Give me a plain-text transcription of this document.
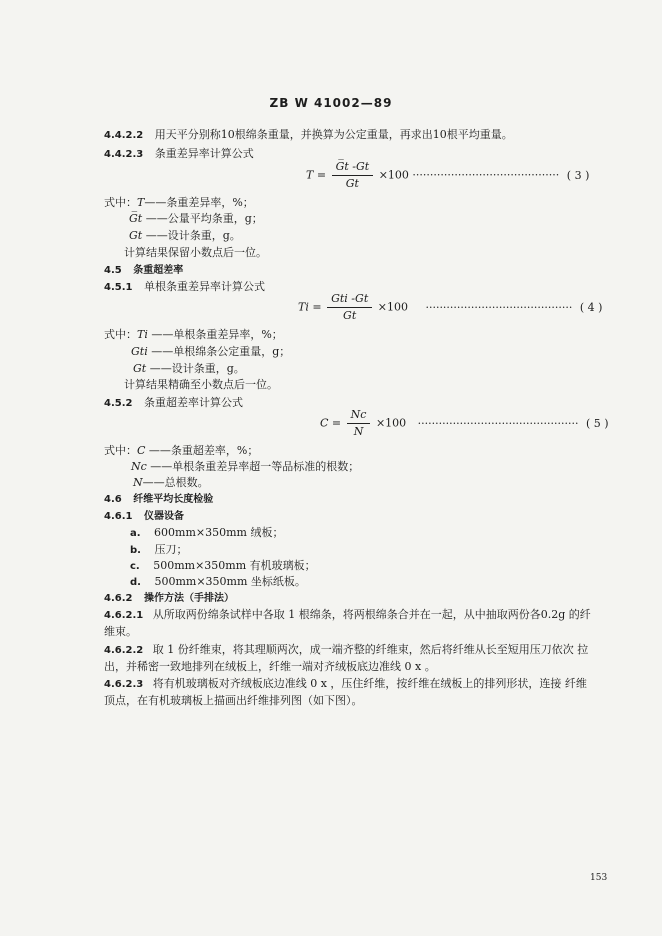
ZB W 41002—89
4.4.2.2 用天平分别称10根绵条重量，并换算为公定重量，再求出10根平均重量。
4.4.2.3 条重差异率计算公式
$T = \frac{G̅t -Gt}{Gt} \times 100$ ·········································· ( 3 )
式中：T——条重差异率，%；
G̅t ——公量平均条重，g；
Gt ——设计条重，g。
计算结果保留小数点后一位。
4.5 条重超差率
4.5.1 单根条重差异率计算公式
$Ti = \frac{\text{Gti -Gt}}{Gt} \times 100$ ·········································· ( 4 )
式中：Ti ——单根条重差异率，%；
Gti ——单根绵条公定重量，g；
Gt ——设计条重，g。
计算结果精确至小数点后一位。
4.5.2 条重超差率计算公式
$C = \frac{Nc}{N} \times 100$ ·············································· ( 5 )
式中：C ——条重超差率，%；
Nc ——单根条重差异率超一等品标准的根数；
N——总根数。
4.6 纤维平均长度检验
4.6.1 仪器设备
a. 600mm×350mm 绒板；
b. 压刀；
c. 500mm×350mm 有机玻璃板；
d. 500mm×350mm 坐标纸板。
4.6.2 操作方法（手排法）
4.6.2.1 从所取两份绵条试样中各取 1 根绵条，将两根绵条合并在一起，从中抽取两份各0.2g 的纤
维束。
4.6.2.2 取 1 份纤维束，将其理顺两次，成一端齐整的纤维束，然后将纤维从长至短用压刀依次 拉
出，并稀密一致地排列在绒板上，纤维一端对齐绒板底边准线 0 x 。
4.6.2.3 将有机玻璃板对齐绒板底边准线 0 x ，压住纤维，按纤维在绒板上的排列形状，连接 纤维
顶点，在有机玻璃板上描画出纤维排列图（如下图）。
153
